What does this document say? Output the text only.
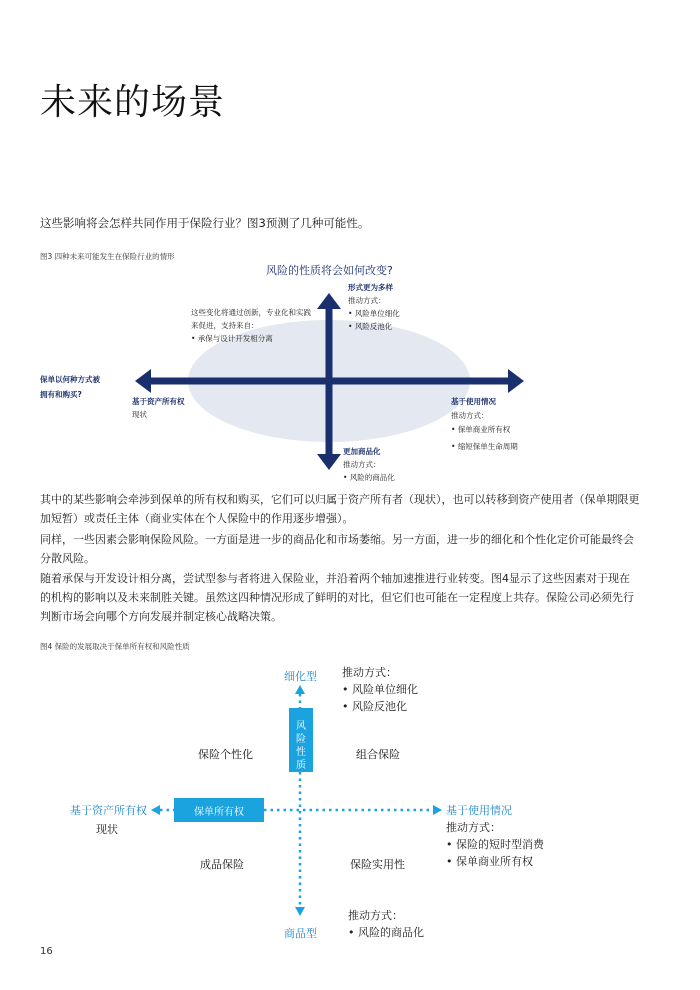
未来的场景
这些影响将会怎样共同作用于保险行业？图3预测了几种可能性。
图3 四种未来可能发生在保险行业的情形
风险的性质将会如何改变?
形式更为多样
推动方式：
• 风险单位细化
• 风险反池化
这些变化将通过创新，专业化和实践
来促进，支持来自：
• 承保与设计开发相分离
保单以何种方式被
拥有和购买?
基于资产所有权
现状
基于使用情况
推动方式：
• 保单商业所有权
• 缩短保单生命周期
更加商品化
推动方式：
• 风险的商品化
其中的某些影响会牵涉到保单的所有权和购买，它们可以归属于资产所有者（现状），也可以转移到资产使用者（保单期限更加短暂）或责任主体（商业实体在个人保险中的作用逐步增强）。
同样，一些因素会影响保险风险。一方面是进一步的商品化和市场萎缩。另一方面，进一步的细化和个性化定价可能最终会分散风险。
随着承保与开发设计相分离，尝试型参与者将进入保险业，并沿着两个轴加速推进行业转变。图4显示了这些因素对于现在的机构的影响以及未来制胜关键。虽然这四种情况形成了鲜明的对比，但它们也可能在一定程度上共存。保险公司必须先行判断市场会向哪个方向发展并制定核心战略决策。
图4 保险的发展取决于保单所有权和风险性质
风险性质
保单所有权
细化型 推动方式：
• 风险单位细化
• 风险反池化
保险个性化	组合保险
成品保险	保险实用性
基于资产所有权
现状
基于使用情况
推动方式：
• 保险的短时型消费
• 保单商业所有权
商品型
推动方式：
• 风险的商品化
16
